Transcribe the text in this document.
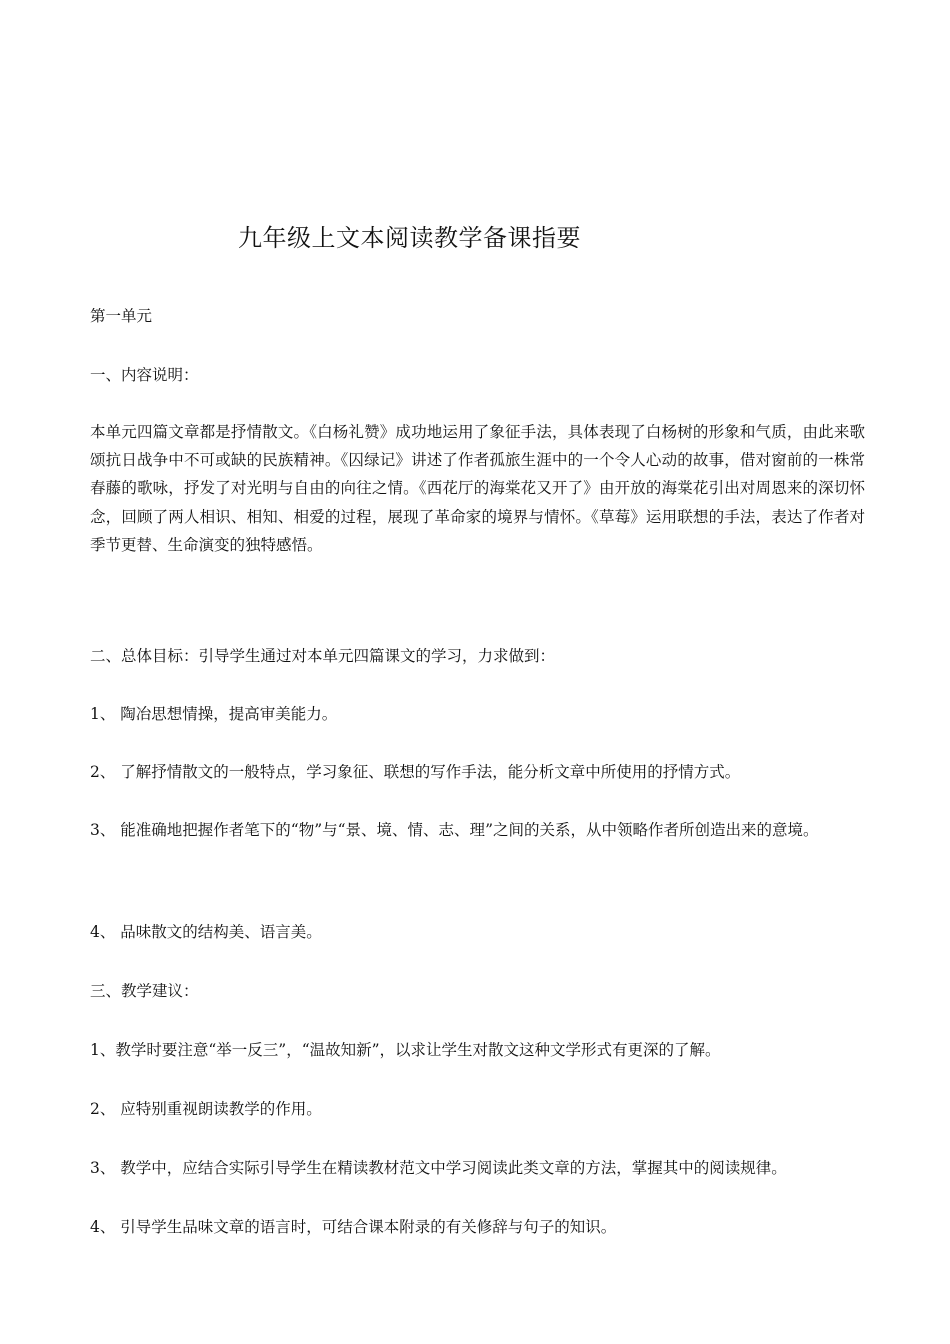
九年级上文本阅读教学备课指要
第一单元
一、内容说明：
本单元四篇文章都是抒情散文。《白杨礼赞》成功地运用了象征手法，具体表现了白杨树的形象和气质，由此来歌颂抗日战争中不可或缺的民族精神。《囚绿记》讲述了作者孤旅生涯中的一个令人心动的故事，借对窗前的一株常春藤的歌咏，抒发了对光明与自由的向往之情。《西花厅的海棠花又开了》由开放的海棠花引出对周恩来的深切怀念，回顾了两人相识、相知、相爱的过程，展现了革命家的境界与情怀。《草莓》运用联想的手法，表达了作者对季节更替、生命演变的独特感悟。
二、总体目标：引导学生通过对本单元四篇课文的学习，力求做到：
1、 陶冶思想情操，提高审美能力。
2、 了解抒情散文的一般特点，学习象征、联想的写作手法，能分析文章中所使用的抒情方式。
3、 能准确地把握作者笔下的“物”与“景、境、情、志、理”之间的关系，从中领略作者所创造出来的意境。
4、 品味散文的结构美、语言美。
三、教学建议：
1、教学时要注意“举一反三”，“温故知新”，以求让学生对散文这种文学形式有更深的了解。
2、 应特别重视朗读教学的作用。
3、 教学中，应结合实际引导学生在精读教材范文中学习阅读此类文章的方法，掌握其中的阅读规律。
4、 引导学生品味文章的语言时，可结合课本附录的有关修辞与句子的知识。
